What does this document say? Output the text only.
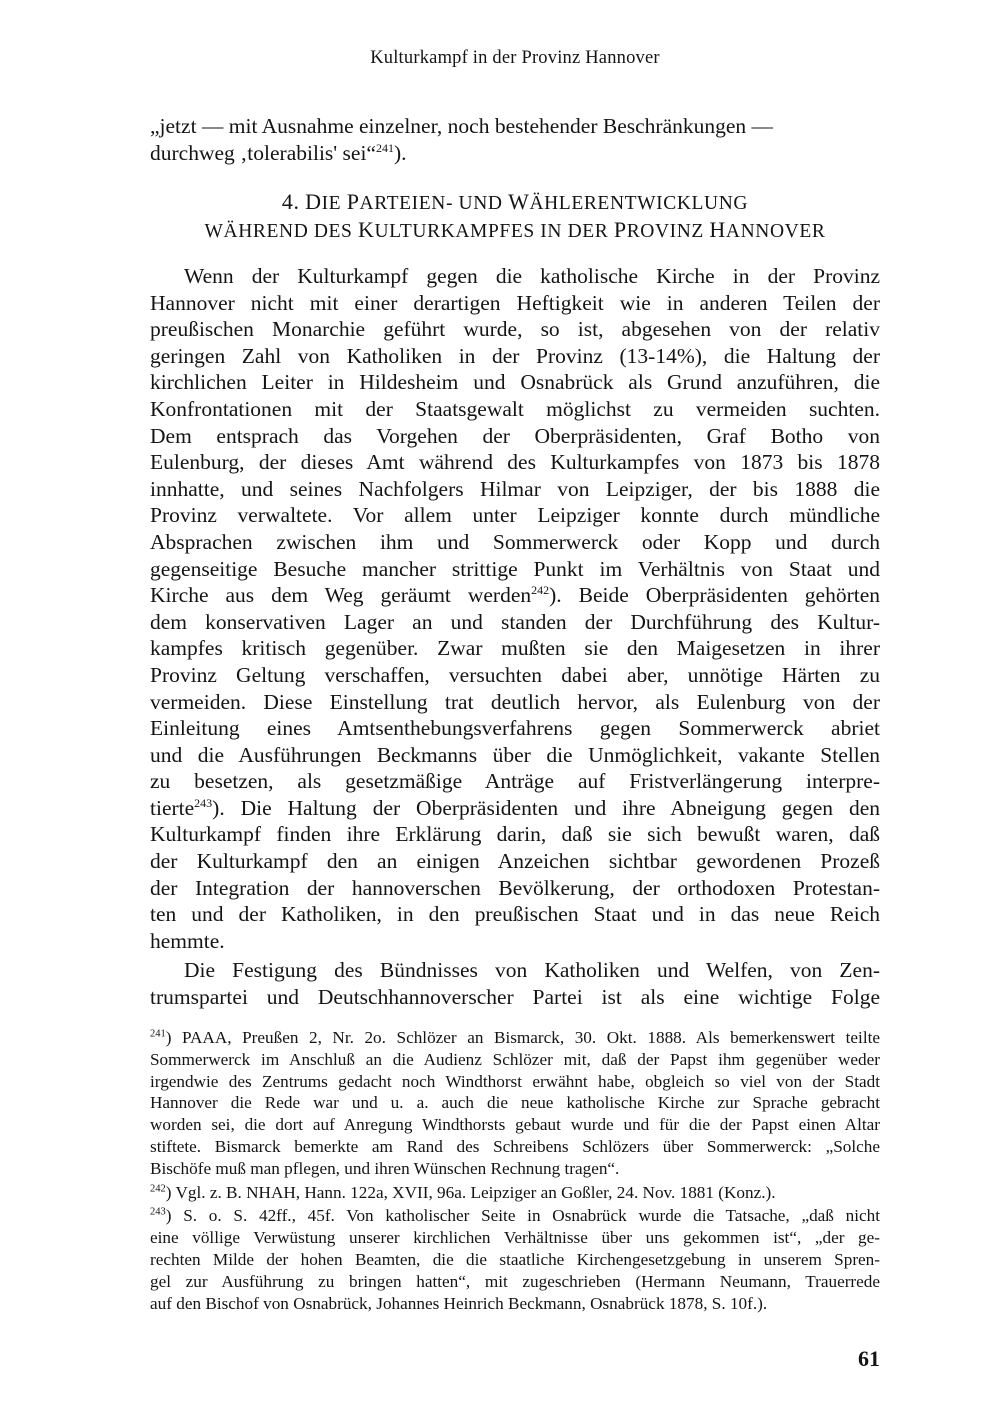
Kulturkampf in der Provinz Hannover
„jetzt — mit Ausnahme einzelner, noch bestehender Beschränkungen —
durchweg ‚tolerabilis' sei“$^{241}$).
4. DIE PARTEIEN- UND WÄHLERENTWICKLUNG
WÄHREND DES KULTURKAMPFES IN DER PROVINZ HANNOVER
Wenn der Kulturkampf gegen die katholische Kirche in der Provinz
Hannover nicht mit einer derartigen Heftigkeit wie in anderen Teilen der
preußischen Monarchie geführt wurde, so ist, abgesehen von der relativ
geringen Zahl von Katholiken in der Provinz (13-14%), die Haltung der
kirchlichen Leiter in Hildesheim und Osnabrück als Grund anzuführen, die
Konfrontationen mit der Staatsgewalt möglichst zu vermeiden suchten.
Dem entsprach das Vorgehen der Oberpräsidenten, Graf Botho von
Eulenburg, der dieses Amt während des Kulturkampfes von 1873 bis 1878
innhatte, und seines Nachfolgers Hilmar von Leipziger, der bis 1888 die
Provinz verwaltete. Vor allem unter Leipziger konnte durch mündliche
Absprachen zwischen ihm und Sommerwerck oder Kopp und durch
gegenseitige Besuche mancher strittige Punkt im Verhältnis von Staat und
Kirche aus dem Weg geräumt werden$^{242}$). Beide Oberpräsidenten gehörten
dem konservativen Lager an und standen der Durchführung des Kultur-
kampfes kritisch gegenüber. Zwar mußten sie den Maigesetzen in ihrer
Provinz Geltung verschaffen, versuchten dabei aber, unnötige Härten zu
vermeiden. Diese Einstellung trat deutlich hervor, als Eulenburg von der
Einleitung eines Amtsenthebungsverfahrens gegen Sommerwerck abriet
und die Ausführungen Beckmanns über die Unmöglichkeit, vakante Stellen
zu besetzen, als gesetzmäßige Anträge auf Fristverlängerung interpre-
tierte$^{243}$). Die Haltung der Oberpräsidenten und ihre Abneigung gegen den
Kulturkampf finden ihre Erklärung darin, daß sie sich bewußt waren, daß
der Kulturkampf den an einigen Anzeichen sichtbar gewordenen Prozeß
der Integration der hannoverschen Bevölkerung, der orthodoxen Protestan-
ten und der Katholiken, in den preußischen Staat und in das neue Reich
hemmte.
Die Festigung des Bündnisses von Katholiken und Welfen, von Zen-
trumspartei und Deutschhannoverscher Partei ist als eine wichtige Folge
$^{241}$) PAAA, Preußen 2, Nr. 2o. Schlözer an Bismarck, 30. Okt. 1888. Als bemerkenswert teilte
Sommerwerck im Anschluß an die Audienz Schlözer mit, daß der Papst ihm gegenüber weder
irgendwie des Zentrums gedacht noch Windthorst erwähnt habe, obgleich so viel von der Stadt
Hannover die Rede war und u. a. auch die neue katholische Kirche zur Sprache gebracht
worden sei, die dort auf Anregung Windthorsts gebaut wurde und für die der Papst einen Altar
stiftete. Bismarck bemerkte am Rand des Schreibens Schlözers über Sommerwerck: „Solche
Bischöfe muß man pflegen, und ihren Wünschen Rechnung tragen“.
$^{242}$) Vgl. z. B. NHAH, Hann. 122a, XVII, 96a. Leipziger an Goßler, 24. Nov. 1881 (Konz.).
$^{243}$) S. o. S. 42ff., 45f. Von katholischer Seite in Osnabrück wurde die Tatsache, „daß nicht
eine völlige Verwüstung unserer kirchlichen Verhältnisse über uns gekommen ist“, „der ge-
rechten Milde der hohen Beamten, die die staatliche Kirchengesetzgebung in unserem Spren-
gel zur Ausführung zu bringen hatten“, mit zugeschrieben (Hermann Neumann, Trauerrede
auf den Bischof von Osnabrück, Johannes Heinrich Beckmann, Osnabrück 1878, S. 10f.).
61
